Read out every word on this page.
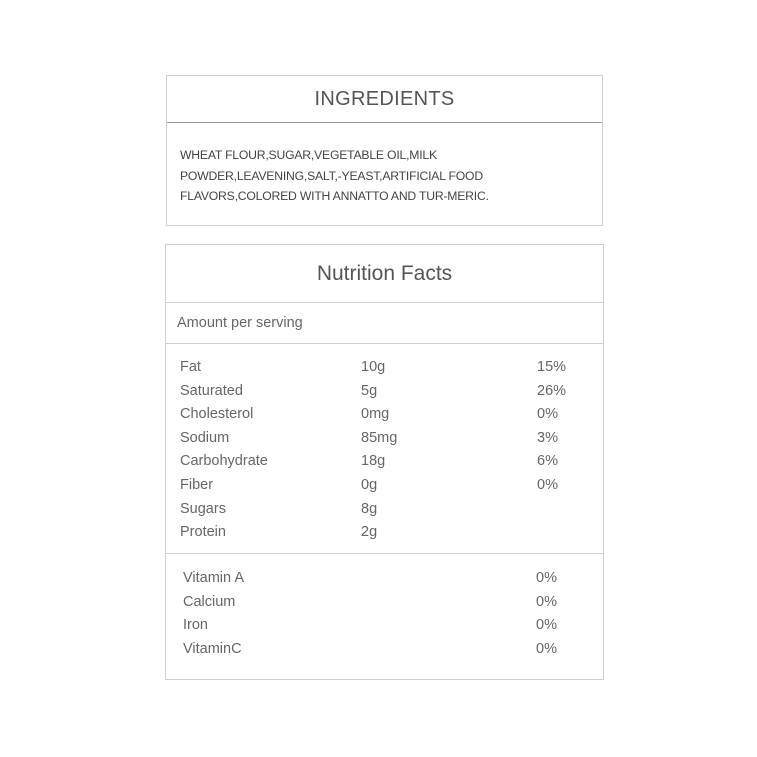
INGREDIENTS
WHEAT FLOUR,SUGAR,VEGETABLE OIL,MILK POWDER,LEAVENING,SALT,-YEAST,ARTIFICIAL FOOD FLAVORS,COLORED WITH ANNATTO AND TUR-MERIC.
Nutrition Facts
Amount per serving
Fat	10g	15%
Saturated	5g	26%
Cholesterol	0mg	0%
Sodium	85mg	3%
Carbohydrate	18g	6%
Fiber	0g	0%
Sugars	8g
Protein	2g
Vitamin A	0%
Calcium	0%
Iron	0%
VitaminC	0%
